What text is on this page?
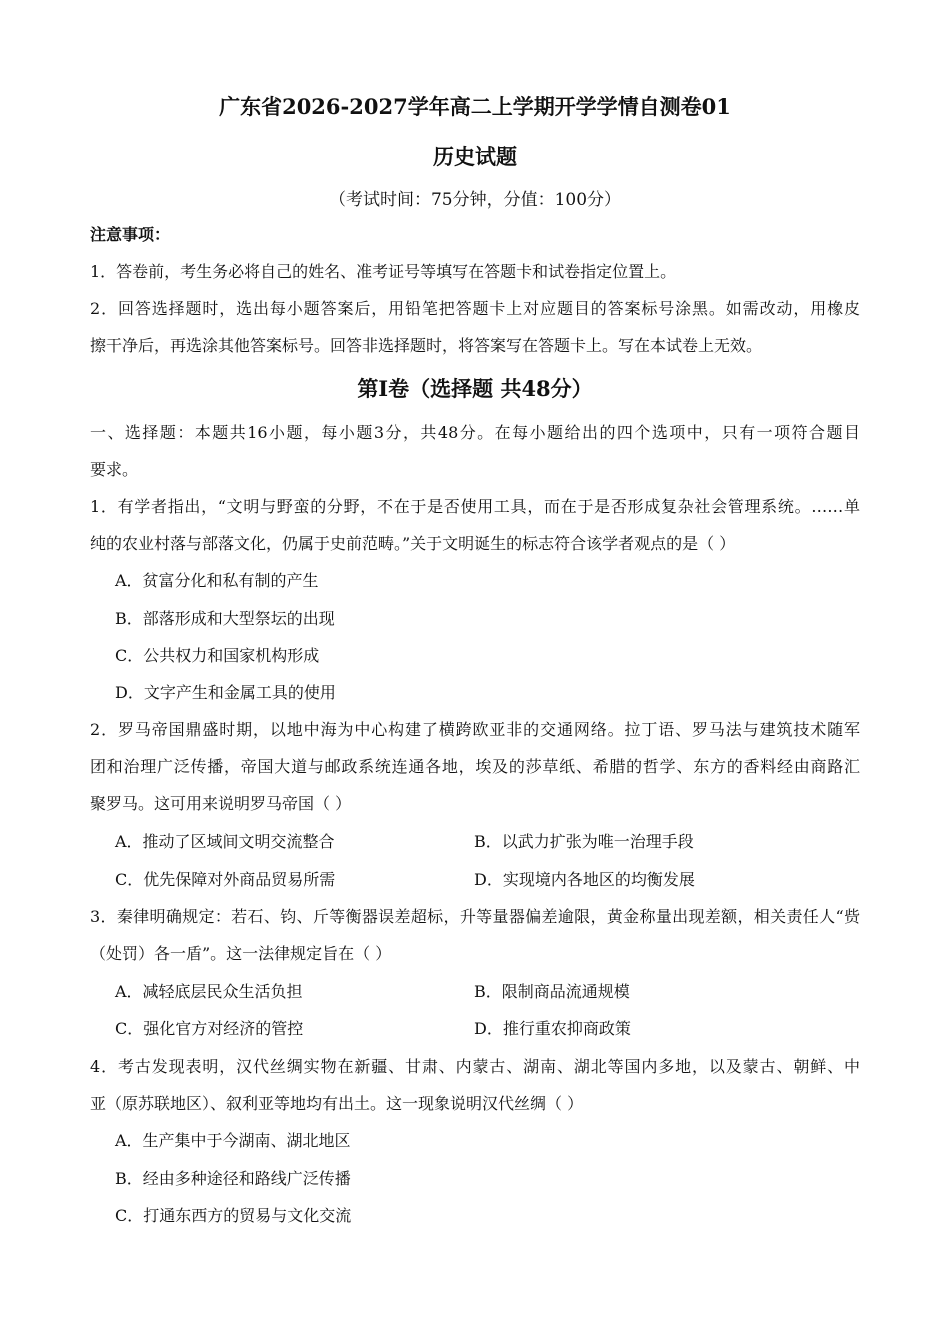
广东省2026-2027学年高二上学期开学学情自测卷01
历史试题
（考试时间：75分钟，分值：100分）
注意事项：
1．答卷前，考生务必将自己的姓名、准考证号等填写在答题卡和试卷指定位置上。
2．回答选择题时，选出每小题答案后，用铅笔把答题卡上对应题目的答案标号涂黑。如需改动，用橡皮
擦干净后，再选涂其他答案标号。回答非选择题时，将答案写在答题卡上。写在本试卷上无效。
第Ⅰ卷（选择题 共48分）
一、选择题：本题共16小题，每小题3分，共48分。在每小题给出的四个选项中，只有一项符合题目
要求。
1．有学者指出，“文明与野蛮的分野，不在于是否使用工具，而在于是否形成复杂社会管理系统。……单
纯的农业村落与部落文化，仍属于史前范畴。”关于文明诞生的标志符合该学者观点的是（ ）
A．贫富分化和私有制的产生
B．部落形成和大型祭坛的出现
C．公共权力和国家机构形成
D．文字产生和金属工具的使用
2．罗马帝国鼎盛时期，以地中海为中心构建了横跨欧亚非的交通网络。拉丁语、罗马法与建筑技术随军
团和治理广泛传播，帝国大道与邮政系统连通各地，埃及的莎草纸、希腊的哲学、东方的香料经由商路汇
聚罗马。这可用来说明罗马帝国（ ）
A．推动了区域间文明交流整合	B．以武力扩张为唯一治理手段
C．优先保障对外商品贸易所需	D．实现境内各地区的均衡发展
3．秦律明确规定：若石、钧、斤等衡器误差超标，升等量器偏差逾限，黄金称量出现差额，相关责任人“赀
（处罚）各一盾”。这一法律规定旨在（ ）
A．减轻底层民众生活负担	B．限制商品流通规模
C．强化官方对经济的管控	D．推行重农抑商政策
4．考古发现表明，汉代丝绸实物在新疆、甘肃、内蒙古、湖南、湖北等国内多地，以及蒙古、朝鲜、中
亚（原苏联地区）、叙利亚等地均有出土。这一现象说明汉代丝绸（ ）
A．生产集中于今湖南、湖北地区
B．经由多种途径和路线广泛传播
C．打通东西方的贸易与文化交流
